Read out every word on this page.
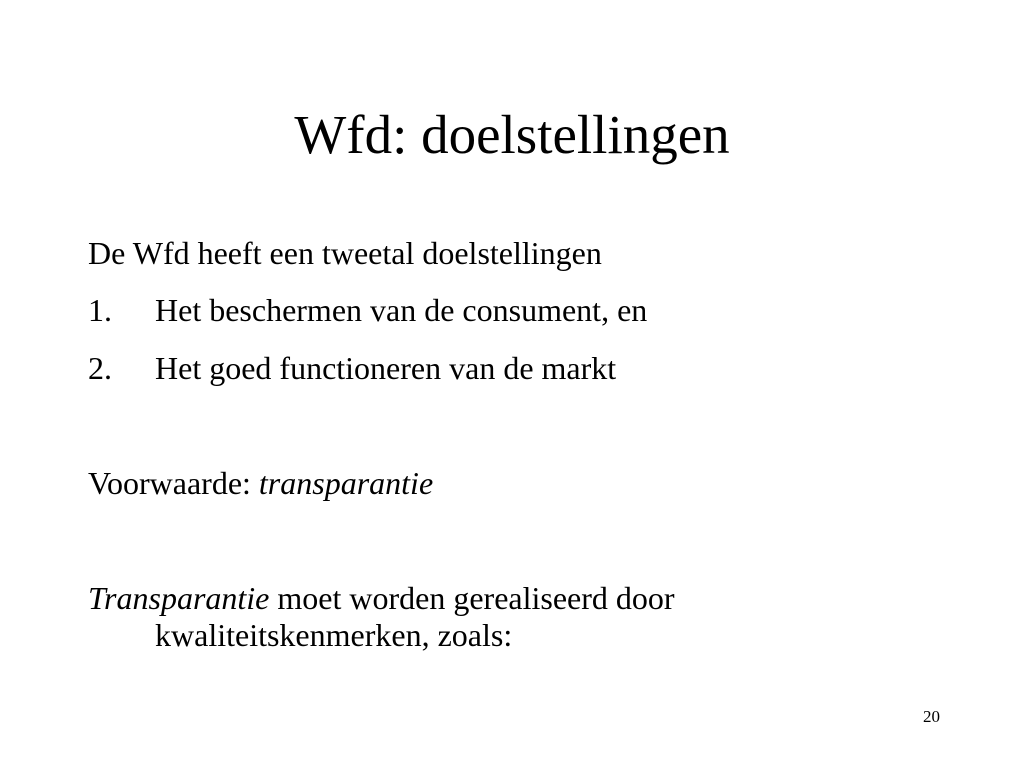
Wfd: doelstellingen
De Wfd heeft een tweetal doelstellingen
1. Het beschermen van de consument, en
2. Het goed functioneren van de markt
Voorwaarde: transparantie
Transparantie moet worden gerealiseerd door kwaliteitskenmerken, zoals:
20
